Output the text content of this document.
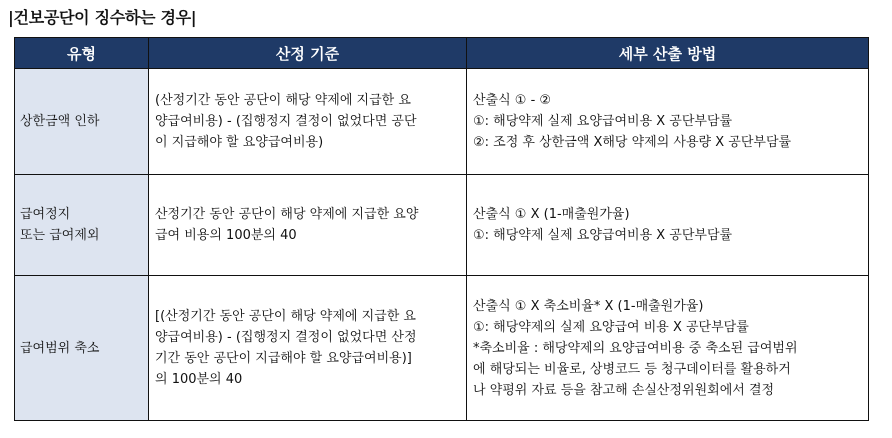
|건보공단이 징수하는 경우|
유형	산정 기준	세부 산출 방법

상한금액 인하	(산정기간 동안 공단이 해당 약제에 지급한 요
양급여비용) - (집행정지 결정이 없었다면 공단
이 지급해야 할 요양급여비용)	산출식 ① - ②
①: 해당약제 실제 요양급여비용 X 공단부담률
②: 조정 후 상한금액 X해당 약제의 사용량 X 공단부담률

급여정지
또는 급여제외	산정기간 동안 공단이 해당 약제에 지급한 요양
급여 비용의 100분의 40	산출식 ① X (1-매출원가율)
①: 해당약제 실제 요양급여비용 X 공단부담률

급여범위 축소	[(산정기간 동안 공단이 해당 약제에 지급한 요
양급여비용) - (집행정지 결정이 없었다면 산정
기간 동안 공단이 지급해야 할 요양급여비용)]
의 100분의 40	산출식 ① X 축소비율* X (1-매출원가율)
①: 해당약제의 실제 요양급여 비용 X 공단부담률
*축소비율 : 해당약제의 요양급여비용 중 축소된 급여범위
에 해당되는 비율로, 상병코드 등 청구데이터를 활용하거
나 약평위 자료 등을 참고해 손실산정위원회에서 결정
